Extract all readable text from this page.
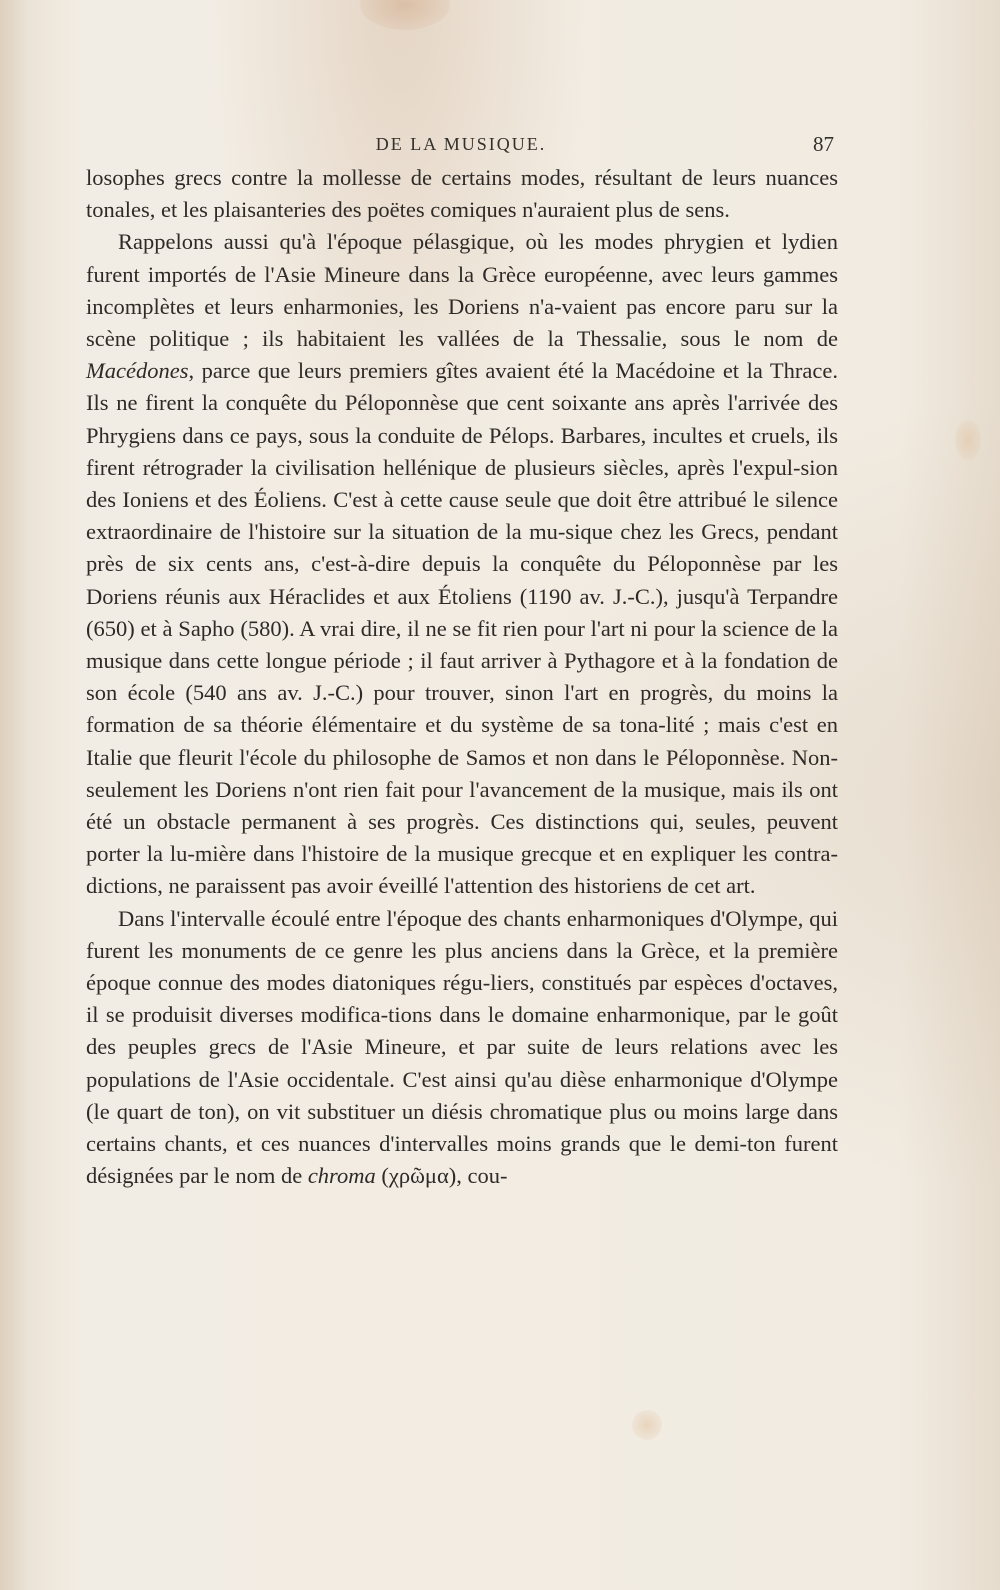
DE LA MUSIQUE.	87

losophes grecs contre la mollesse de certains modes, résultant de leurs nuances tonales, et les plaisanteries des poëtes comiques n'auraient plus de sens.

Rappelons aussi qu'à l'époque pélasgique, où les modes phrygien et lydien furent importés de l'Asie Mineure dans la Grèce européenne, avec leurs gammes incomplètes et leurs enharmonies, les Doriens n'a-vaient pas encore paru sur la scène politique ; ils habitaient les vallées de la Thessalie, sous le nom de Macédones, parce que leurs premiers gîtes avaient été la Macédoine et la Thrace. Ils ne firent la conquête du Péloponnèse que cent soixante ans après l'arrivée des Phrygiens dans ce pays, sous la conduite de Pélops. Barbares, incultes et cruels, ils firent rétrograder la civilisation hellénique de plusieurs siècles, après l'expul-sion des Ioniens et des Éoliens. C'est à cette cause seule que doit être attribué le silence extraordinaire de l'histoire sur la situation de la mu-sique chez les Grecs, pendant près de six cents ans, c'est-à-dire depuis la conquête du Péloponnèse par les Doriens réunis aux Héraclides et aux Étoliens (1190 av. J.-C.), jusqu'à Terpandre (650) et à Sapho (580). A vrai dire, il ne se fit rien pour l'art ni pour la science de la musique dans cette longue période ; il faut arriver à Pythagore et à la fondation de son école (540 ans av. J.-C.) pour trouver, sinon l'art en progrès, du moins la formation de sa théorie élémentaire et du système de sa tona-lité ; mais c'est en Italie que fleurit l'école du philosophe de Samos et non dans le Péloponnèse. Non-seulement les Doriens n'ont rien fait pour l'avancement de la musique, mais ils ont été un obstacle permanent à ses progrès. Ces distinctions qui, seules, peuvent porter la lu-mière dans l'histoire de la musique grecque et en expliquer les contra-dictions, ne paraissent pas avoir éveillé l'attention des historiens de cet art.

Dans l'intervalle écoulé entre l'époque des chants enharmoniques d'Olympe, qui furent les monuments de ce genre les plus anciens dans la Grèce, et la première époque connue des modes diatoniques régu-liers, constitués par espèces d'octaves, il se produisit diverses modifica-tions dans le domaine enharmonique, par le goût des peuples grecs de l'Asie Mineure, et par suite de leurs relations avec les populations de l'Asie occidentale. C'est ainsi qu'au dièse enharmonique d'Olympe (le quart de ton), on vit substituer un diésis chromatique plus ou moins large dans certains chants, et ces nuances d'intervalles moins grands que le demi-ton furent désignées par le nom de chroma (χρῶμα), cou-
